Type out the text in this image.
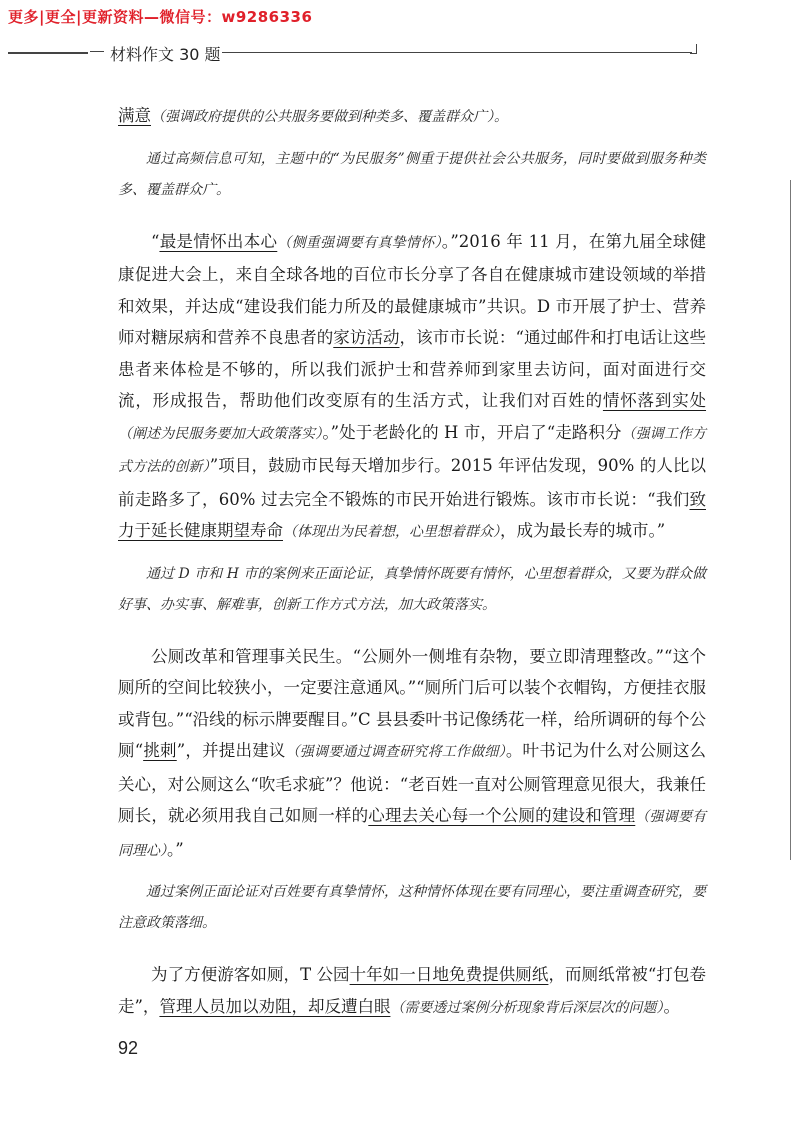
更多|更全|更新资料—微信号：w9286336
材料作文 30 题

满意（强调政府提供的公共服务要做到种类多、覆盖群众广）。

通过高频信息可知，主题中的“为民服务”侧重于提供社会公共服务，同时要做到服务种类多、覆盖群众广。

“最是情怀出本心（侧重强调要有真挚情怀）。”2016 年 11 月，在第九届全球健康促进大会上，来自全球各地的百位市长分享了各自在健康城市建设领域的举措和效果，并达成“建设我们能力所及的最健康城市”共识。D 市开展了护士、营养师对糖尿病和营养不良患者的家访活动，该市市长说：“通过邮件和打电话让这些患者来体检是不够的，所以我们派护士和营养师到家里去访问，面对面进行交流，形成报告，帮助他们改变原有的生活方式，让我们对百姓的情怀落到实处（阐述为民服务要加大政策落实）。”处于老龄化的 H 市，开启了“走路积分（强调工作方式方法的创新）”项目，鼓励市民每天增加步行。2015 年评估发现，90% 的人比以前走路多了，60% 过去完全不锻炼的市民开始进行锻炼。该市市长说：“我们致力于延长健康期望寿命（体现出为民着想，心里想着群众），成为最长寿的城市。”

通过 D 市和 H 市的案例来正面论证，真挚情怀既要有情怀，心里想着群众，又要为群众做好事、办实事、解难事，创新工作方式方法，加大政策落实。

公厕改革和管理事关民生。“公厕外一侧堆有杂物，要立即清理整改。”“这个厕所的空间比较狭小，一定要注意通风。”“厕所门后可以装个衣帽钩，方便挂衣服或背包。”“沿线的标示牌要醒目。”C 县县委叶书记像绣花一样，给所调研的每个公厕“挑刺”，并提出建议（强调要通过调查研究将工作做细）。叶书记为什么对公厕这么关心，对公厕这么“吹毛求疵”？他说：“老百姓一直对公厕管理意见很大，我兼任厕长，就必须用我自己如厕一样的心理去关心每一个公厕的建设和管理（强调要有同理心）。”

通过案例正面论证对百姓要有真挚情怀，这种情怀体现在要有同理心，要注重调查研究，要注意政策落细。

为了方便游客如厕，T 公园十年如一日地免费提供厕纸，而厕纸常被“打包卷走”，管理人员加以劝阻，却反遭白眼（需要透过案例分析现象背后深层次的问题）。

92
